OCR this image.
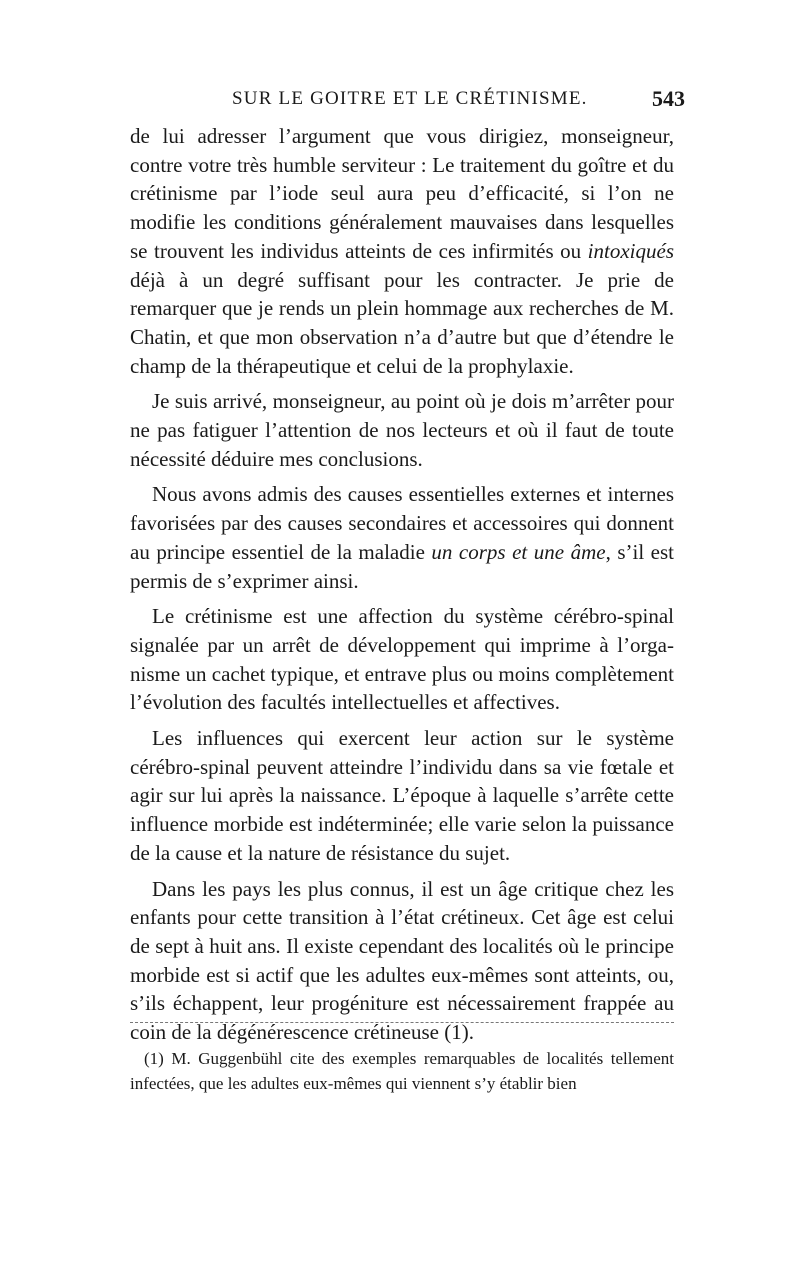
SUR LE GOITRE ET LE CRÉTINISME.	543

de lui adresser l’argument que vous dirigiez, monseigneur, contre votre très humble serviteur : Le traitement du goître et du crétinisme par l’iode seul aura peu d’efficacité, si l’on ne modifie les conditions généralement mauvaises dans lesquelles se trouvent les individus atteints de ces infirmités ou intoxiqués déjà à un degré suffisant pour les contracter. Je prie de remarquer que je rends un plein hommage aux recherches de M. Chatin, et que mon observation n’a d’autre but que d’étendre le champ de la thérapeutique et celui de la prophylaxie.

Je suis arrivé, monseigneur, au point où je dois m’arrêter pour ne pas fatiguer l’attention de nos lecteurs et où il faut de toute nécessité déduire mes conclusions.

Nous avons admis des causes essentielles externes et internes favorisées par des causes secondaires et accessoires qui donnent au principe essentiel de la maladie un corps et une âme, s’il est permis de s’exprimer ainsi.

Le crétinisme est une affection du système cérébro-spinal signalée par un arrêt de développement qui imprime à l’organisme un cachet typique, et entrave plus ou moins complètement l’évolution des facultés intellectuelles et affectives.

Les influences qui exercent leur action sur le système cérébro-spinal peuvent atteindre l’individu dans sa vie fœtale et agir sur lui après la naissance. L’époque à laquelle s’arrête cette influence morbide est indéterminée; elle varie selon la puissance de la cause et la nature de résistance du sujet.

Dans les pays les plus connus, il est un âge critique chez les enfants pour cette transition à l’état crétineux. Cet âge est celui de sept à huit ans. Il existe cependant des localités où le principe morbide est si actif que les adultes eux-mêmes sont atteints, ou, s’ils échappent, leur progéniture est nécessairement frappée au coin de la dégénérescence crétineuse (1).

(1) M. Guggenbühl cite des exemples remarquables de localités tellement infectées, que les adultes eux-mêmes qui viennent s’y établir bien
